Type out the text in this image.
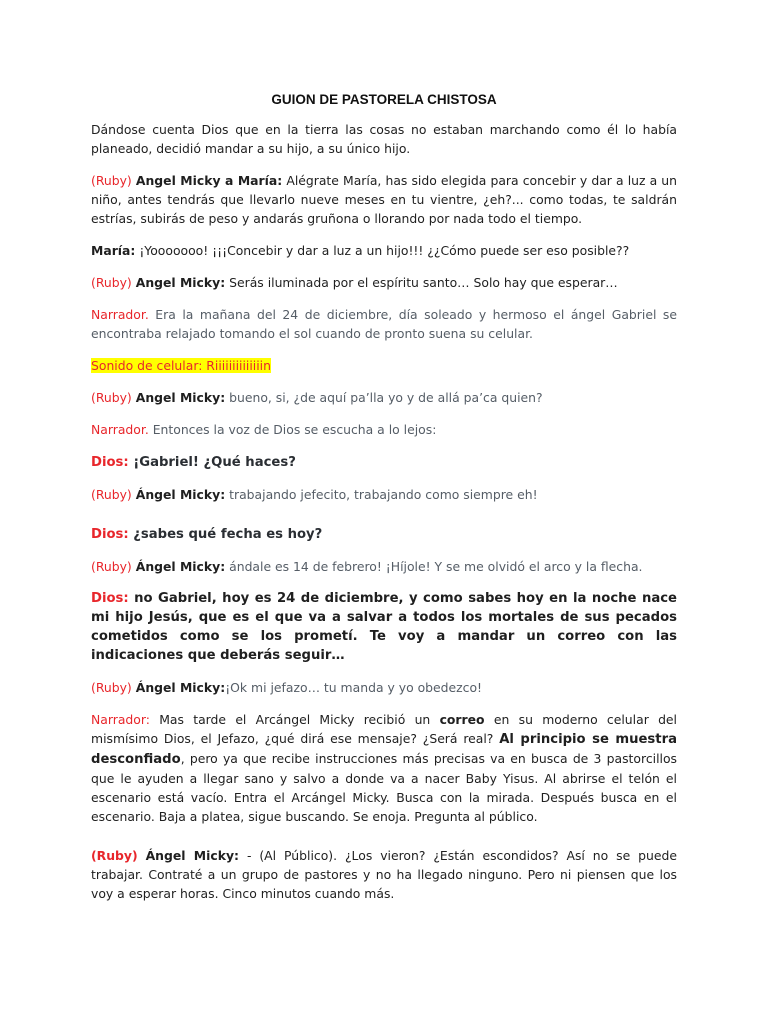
GUION DE PASTORELA CHISTOSA

Dándose cuenta Dios que en la tierra las cosas no estaban marchando como él lo había planeado, decidió mandar a su hijo, a su único hijo.

(Ruby) Angel Micky a María: Alégrate María, has sido elegida para concebir y dar a luz a un niño, antes tendrás que llevarlo nueve meses en tu vientre, ¿eh?... como todas, te saldrán estrías, subirás de peso y andarás gruñona o llorando por nada todo el tiempo.

María: ¡Yooooooo! ¡¡¡Concebir y dar a luz a un hijo!!! ¿¿Cómo puede ser eso posible??

(Ruby) Angel Micky: Serás iluminada por el espíritu santo… Solo hay que esperar…

Narrador. Era la mañana del 24 de diciembre, día soleado y hermoso el ángel Gabriel se encontraba relajado tomando el sol cuando de pronto suena su celular.

Sonido de celular: Riiiiiiiiiiiiiin

(Ruby) Angel Micky: bueno, si, ¿de aquí pa’lla yo y de allá pa’ca quien?

Narrador. Entonces la voz de Dios se escucha a lo lejos:

Dios: ¡Gabriel! ¿Qué haces?

(Ruby) Ángel Micky: trabajando jefecito, trabajando como siempre eh!

Dios: ¿sabes qué fecha es hoy?

(Ruby) Ángel Micky: ándale es 14 de febrero! ¡Híjole! Y se me olvidó el arco y la flecha.

Dios: no Gabriel, hoy es 24 de diciembre, y como sabes hoy en la noche nace mi hijo Jesús, que es el que va a salvar a todos los mortales de sus pecados cometidos como se los prometí. Te voy a mandar un correo con las indicaciones que deberás seguir…

(Ruby) Ángel Micky:¡Ok mi jefazo… tu manda y yo obedezco!

Narrador: Mas tarde el Arcángel Micky recibió un correo en su moderno celular del mismísimo Dios, el Jefazo, ¿qué dirá ese mensaje? ¿Será real? Al principio se muestra desconfiado, pero ya que recibe instrucciones más precisas va en busca de 3 pastorcillos que le ayuden a llegar sano y salvo a donde va a nacer Baby Yisus. Al abrirse el telón el escenario está vacío. Entra el Arcángel Micky. Busca con la mirada. Después busca en el escenario. Baja a platea, sigue buscando. Se enoja. Pregunta al público.

(Ruby) Ángel Micky: - (Al Público). ¿Los vieron? ¿Están escondidos? Así no se puede trabajar. Contraté a un grupo de pastores y no ha llegado ninguno. Pero ni piensen que los voy a esperar horas. Cinco minutos cuando más.
